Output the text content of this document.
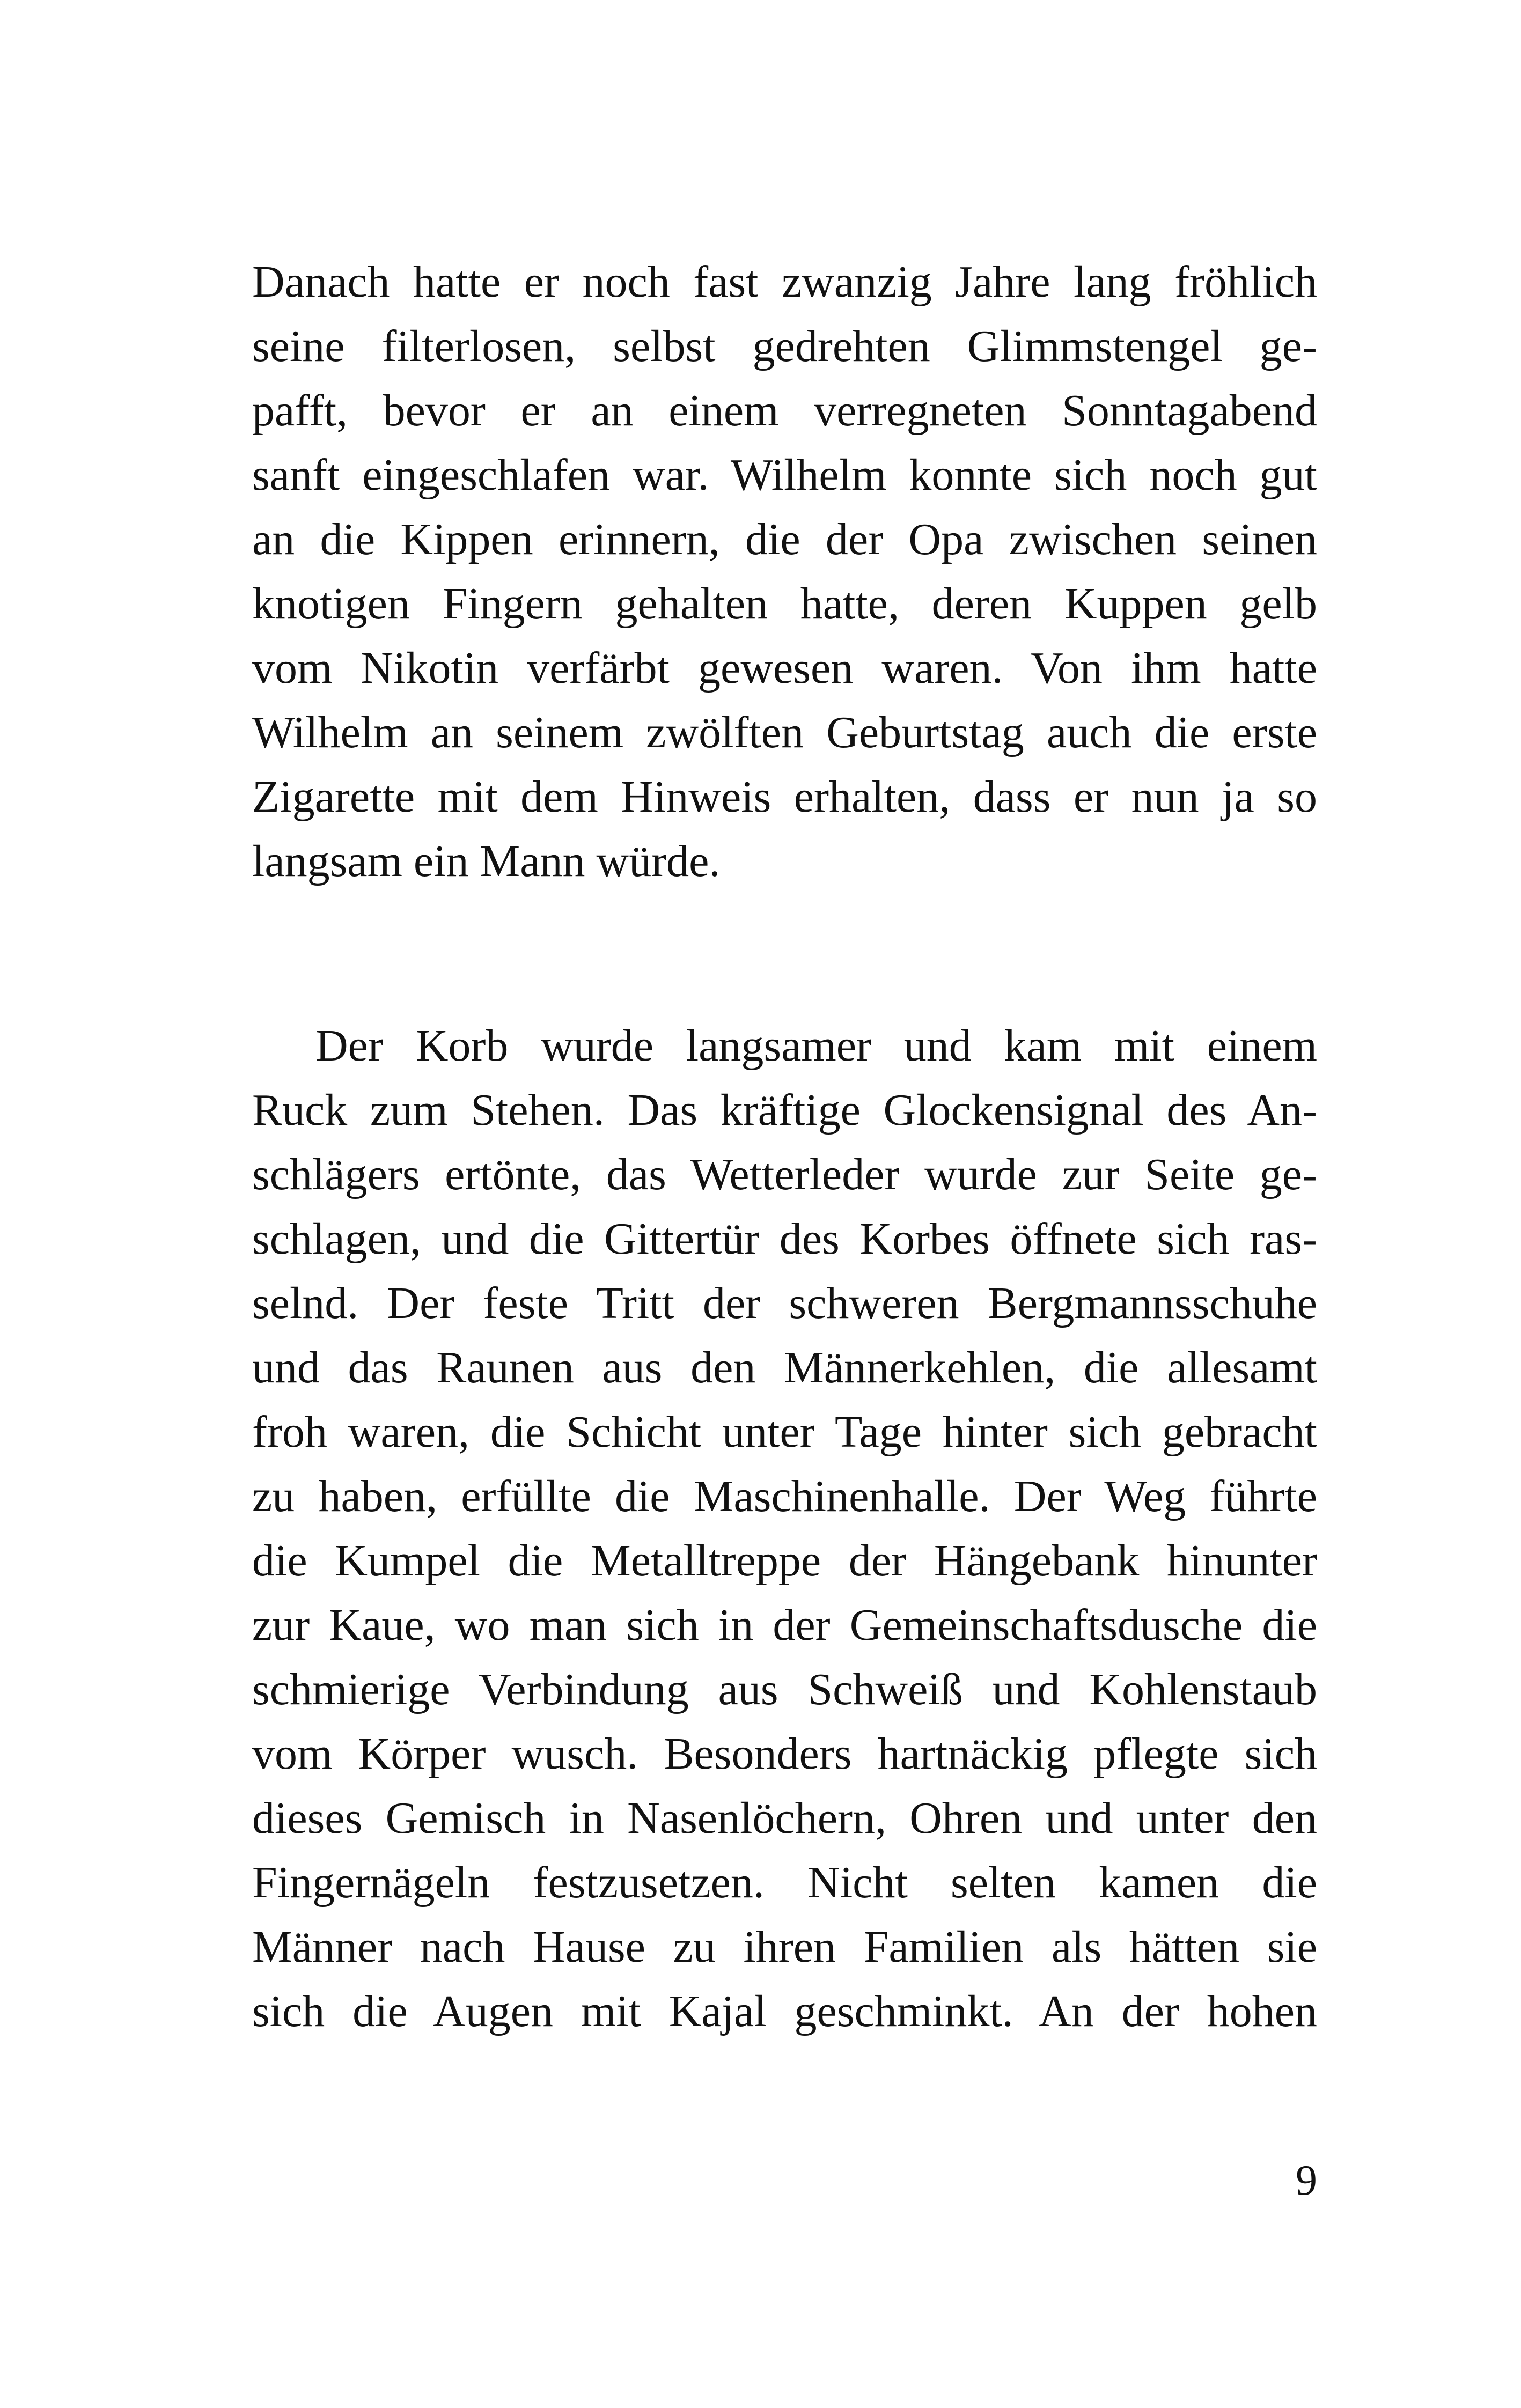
Danach hatte er noch fast zwanzig Jahre lang fröhlich
seine filterlosen, selbst gedrehten Glimmstengel ge-
pafft, bevor er an einem verregneten Sonntagabend
sanft eingeschlafen war. Wilhelm konnte sich noch gut
an die Kippen erinnern, die der Opa zwischen seinen
knotigen Fingern gehalten hatte, deren Kuppen gelb
vom Nikotin verfärbt gewesen waren. Von ihm hatte
Wilhelm an seinem zwölften Geburtstag auch die erste
Zigarette mit dem Hinweis erhalten, dass er nun ja so
langsam ein Mann würde.
Der Korb wurde langsamer und kam mit einem
Ruck zum Stehen. Das kräftige Glockensignal des An-
schlägers ertönte, das Wetterleder wurde zur Seite ge-
schlagen, und die Gittertür des Korbes öffnete sich ras-
selnd. Der feste Tritt der schweren Bergmannsschuhe
und das Raunen aus den Männerkehlen, die allesamt
froh waren, die Schicht unter Tage hinter sich gebracht
zu haben, erfüllte die Maschinenhalle. Der Weg führte
die Kumpel die Metalltreppe der Hängebank hinunter
zur Kaue, wo man sich in der Gemeinschaftsdusche die
schmierige Verbindung aus Schweiß und Kohlenstaub
vom Körper wusch. Besonders hartnäckig pflegte sich
dieses Gemisch in Nasenlöchern, Ohren und unter den
Fingernägeln festzusetzen. Nicht selten kamen die
Männer nach Hause zu ihren Familien als hätten sie
sich die Augen mit Kajal geschminkt. An der hohen
9
